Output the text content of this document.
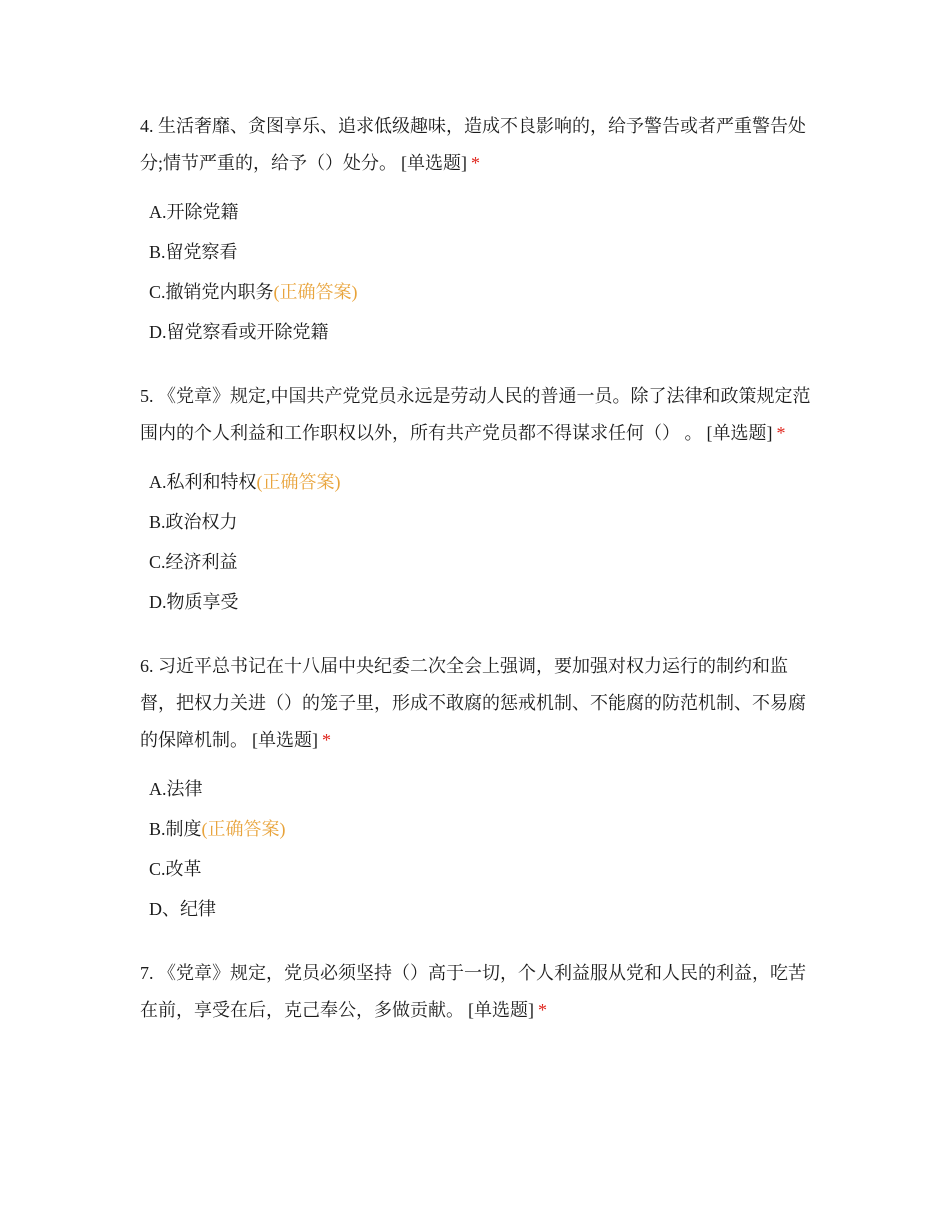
4. 生活奢靡、贪图享乐、追求低级趣味，造成不良影响的，给予警告或者严重警告处分;情节严重的，给予（）处分。 [单选题] *

A.开除党籍
B.留党察看
C.撤销党内职务(正确答案)
D.留党察看或开除党籍

5. 《党章》规定,中国共产党党员永远是劳动人民的普通一员。除了法律和政策规定范围内的个人利益和工作职权以外，所有共产党员都不得谋求任何（） 。 [单选题] *

A.私利和特权(正确答案)
B.政治权力
C.经济利益
D.物质享受

6. 习近平总书记在十八届中央纪委二次全会上强调，要加强对权力运行的制约和监督，把权力关进（）的笼子里，形成不敢腐的惩戒机制、不能腐的防范机制、不易腐的保障机制。 [单选题] *

A.法律
B.制度(正确答案)
C.改革
D、纪律

7. 《党章》规定，党员必须坚持（）高于一切，个人利益服从党和人民的利益，吃苦在前，享受在后，克己奉公，多做贡献。 [单选题] *
